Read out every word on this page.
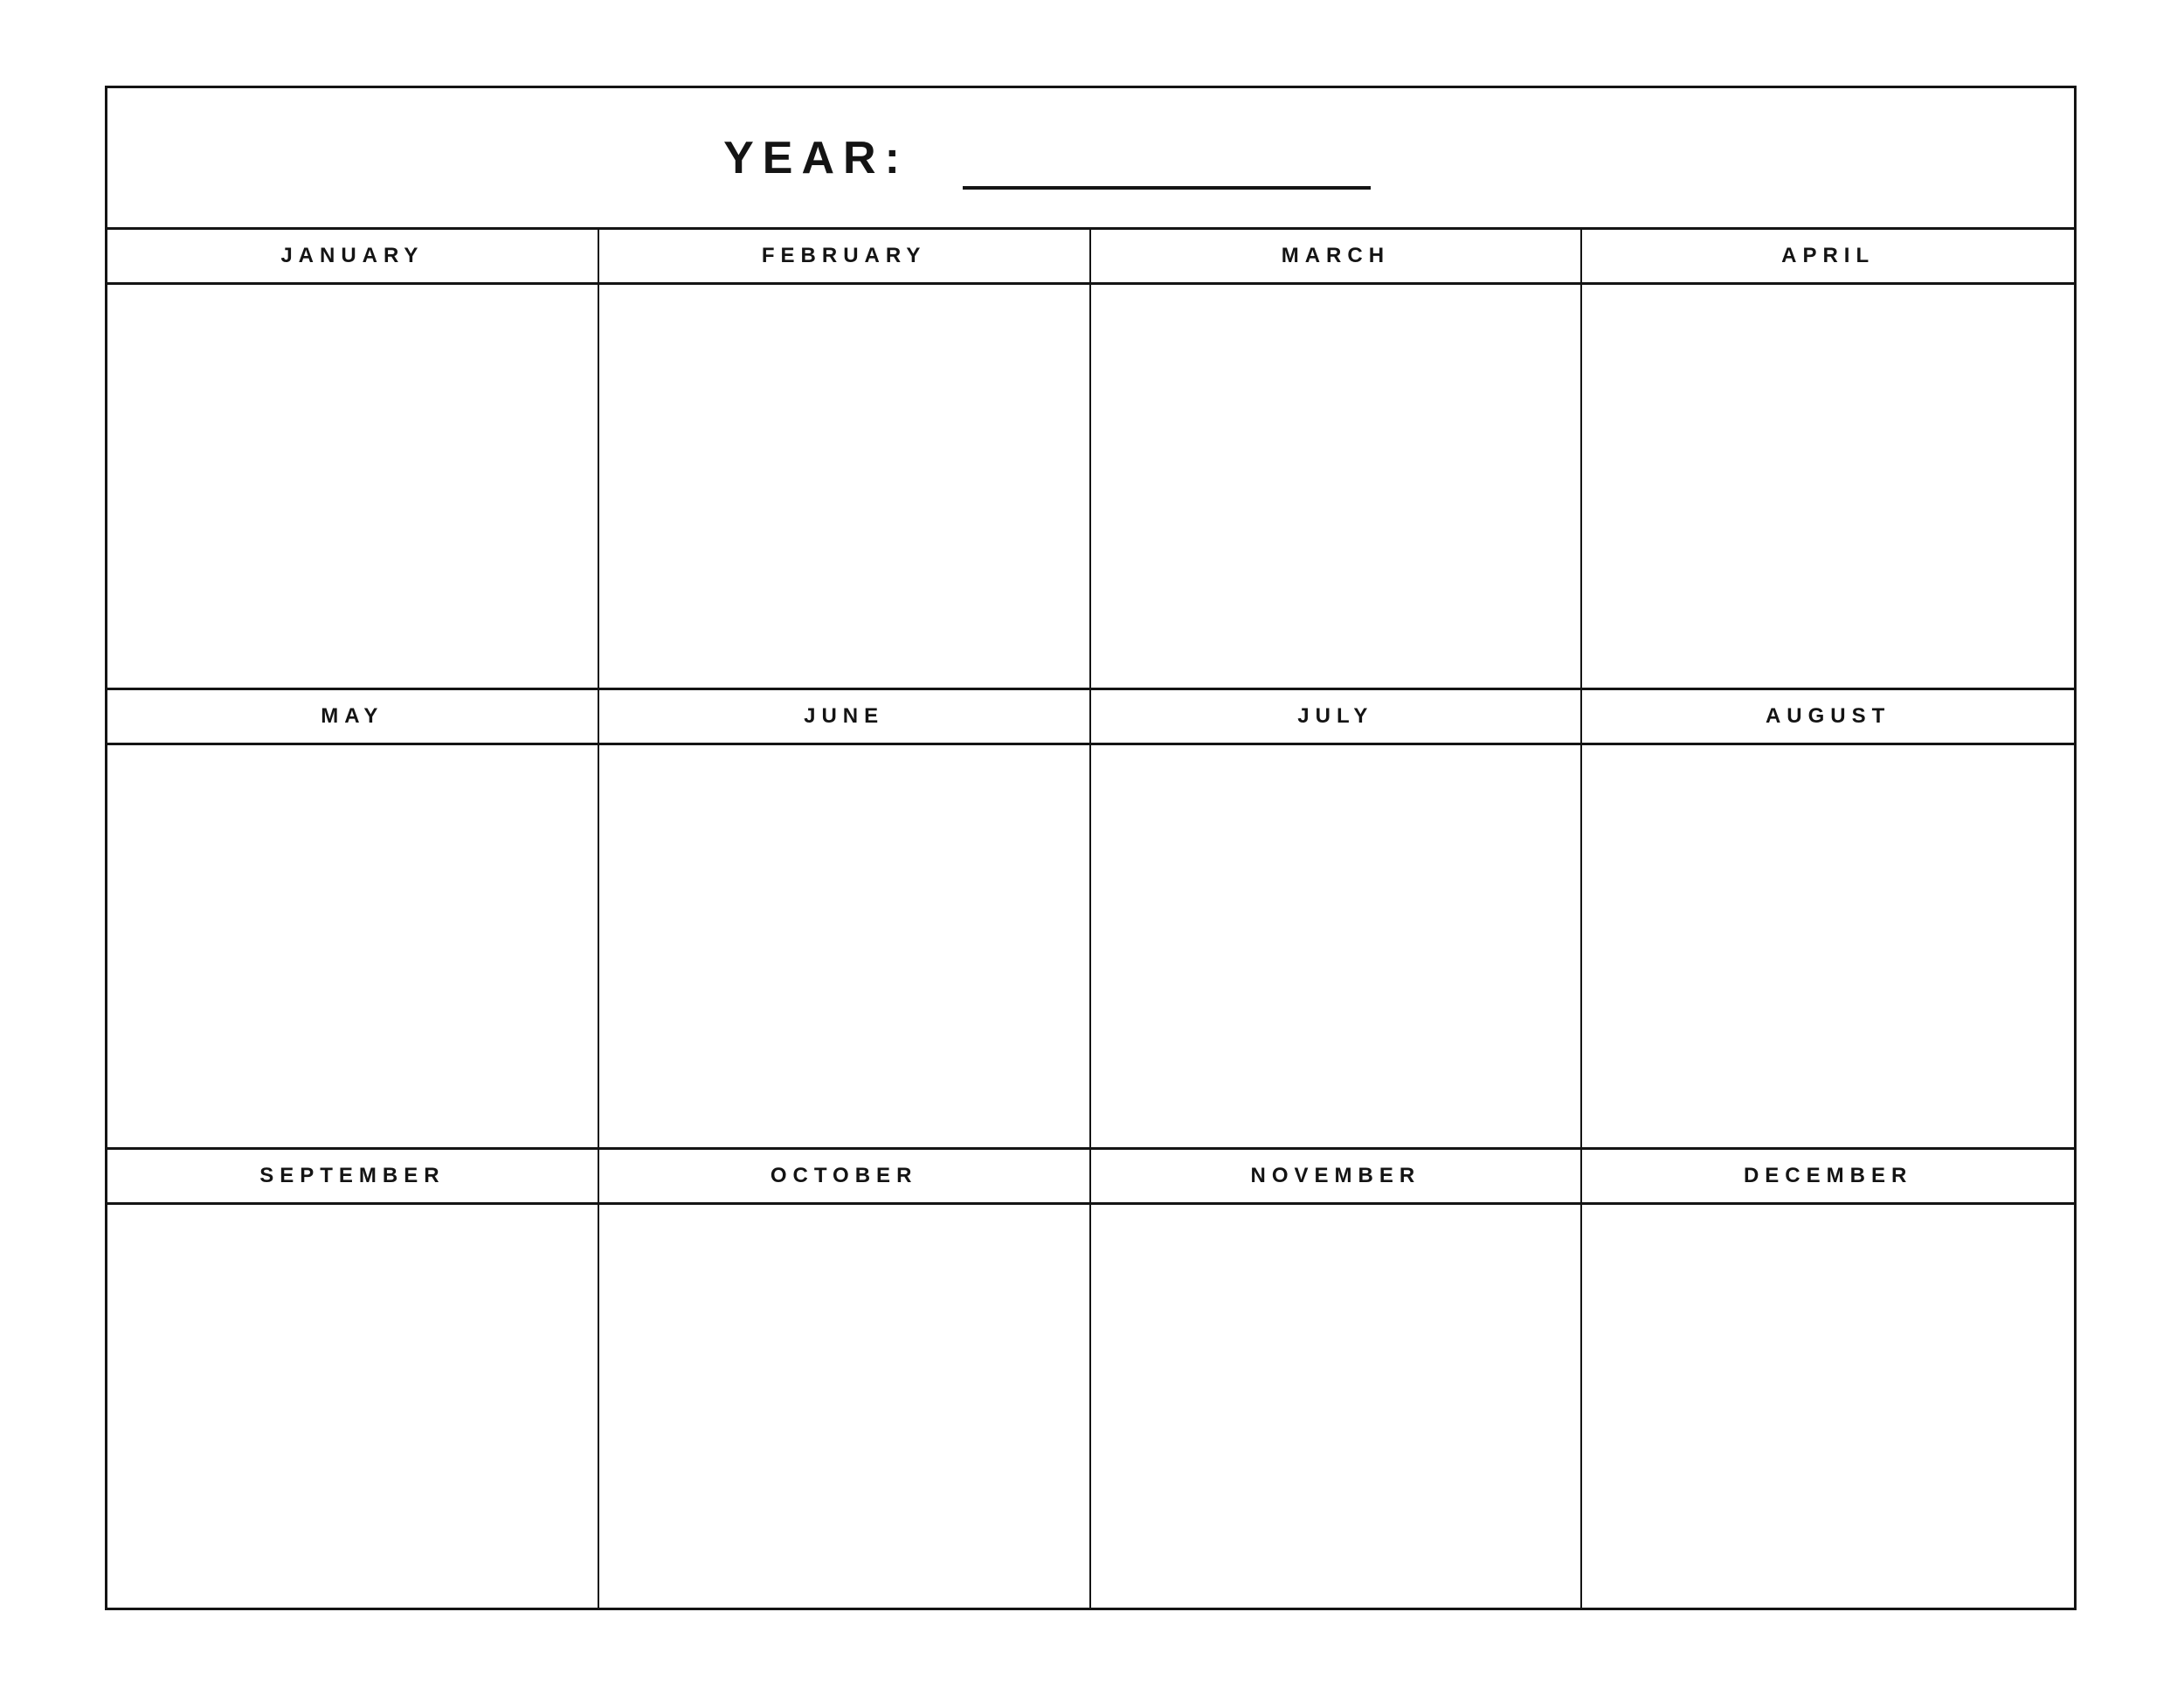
YEAR:
JANUARY	FEBRUARY	MARCH	APRIL
MAY	JUNE	JULY	AUGUST
SEPTEMBER	OCTOBER	NOVEMBER	DECEMBER
